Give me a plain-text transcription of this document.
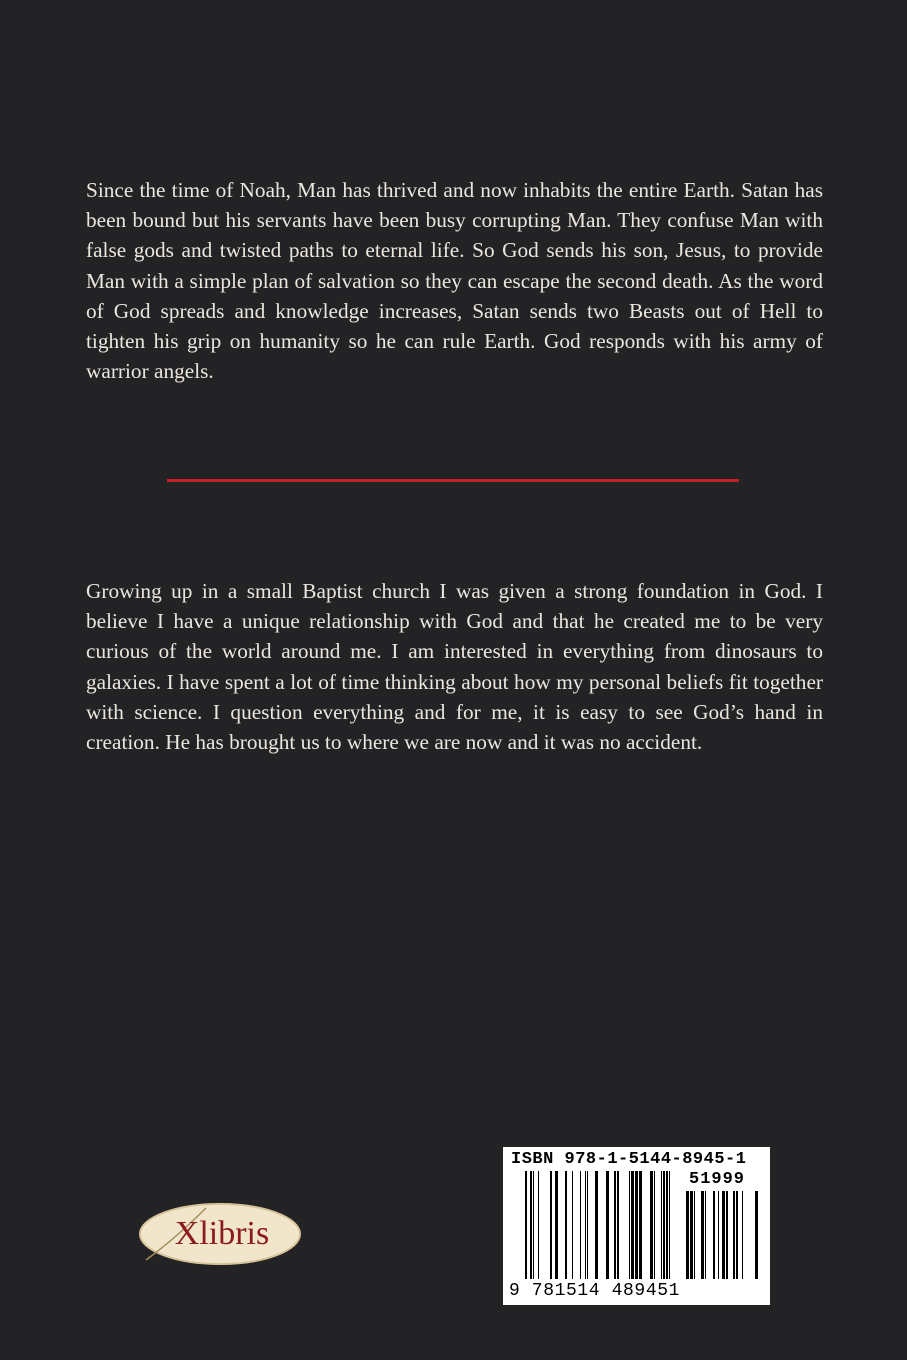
Since the time of Noah, Man has thrived and now inhabits the entire Earth. Satan has been bound but his servants have been busy corrupting Man. They confuse Man with false gods and twisted paths to eternal life. So God sends his son, Jesus, to provide Man with a simple plan of salvation so they can escape the second death. As the word of God spreads and knowledge increases, Satan sends two Beasts out of Hell to tighten his grip on humanity so he can rule Earth. God responds with his army of warrior angels.

Growing up in a small Baptist church I was given a strong foundation in God. I believe I have a unique relationship with God and that he created me to be very curious of the world around me. I am interested in everything from dinosaurs to galaxies. I have spent a lot of time thinking about how my personal beliefs fit together with science. I question everything and for me, it is easy to see God’s hand in creation. He has brought us to where we are now and it was no accident.

Xlibris
ISBN 978-1-5144-8945-1
51999
9 781514 489451
